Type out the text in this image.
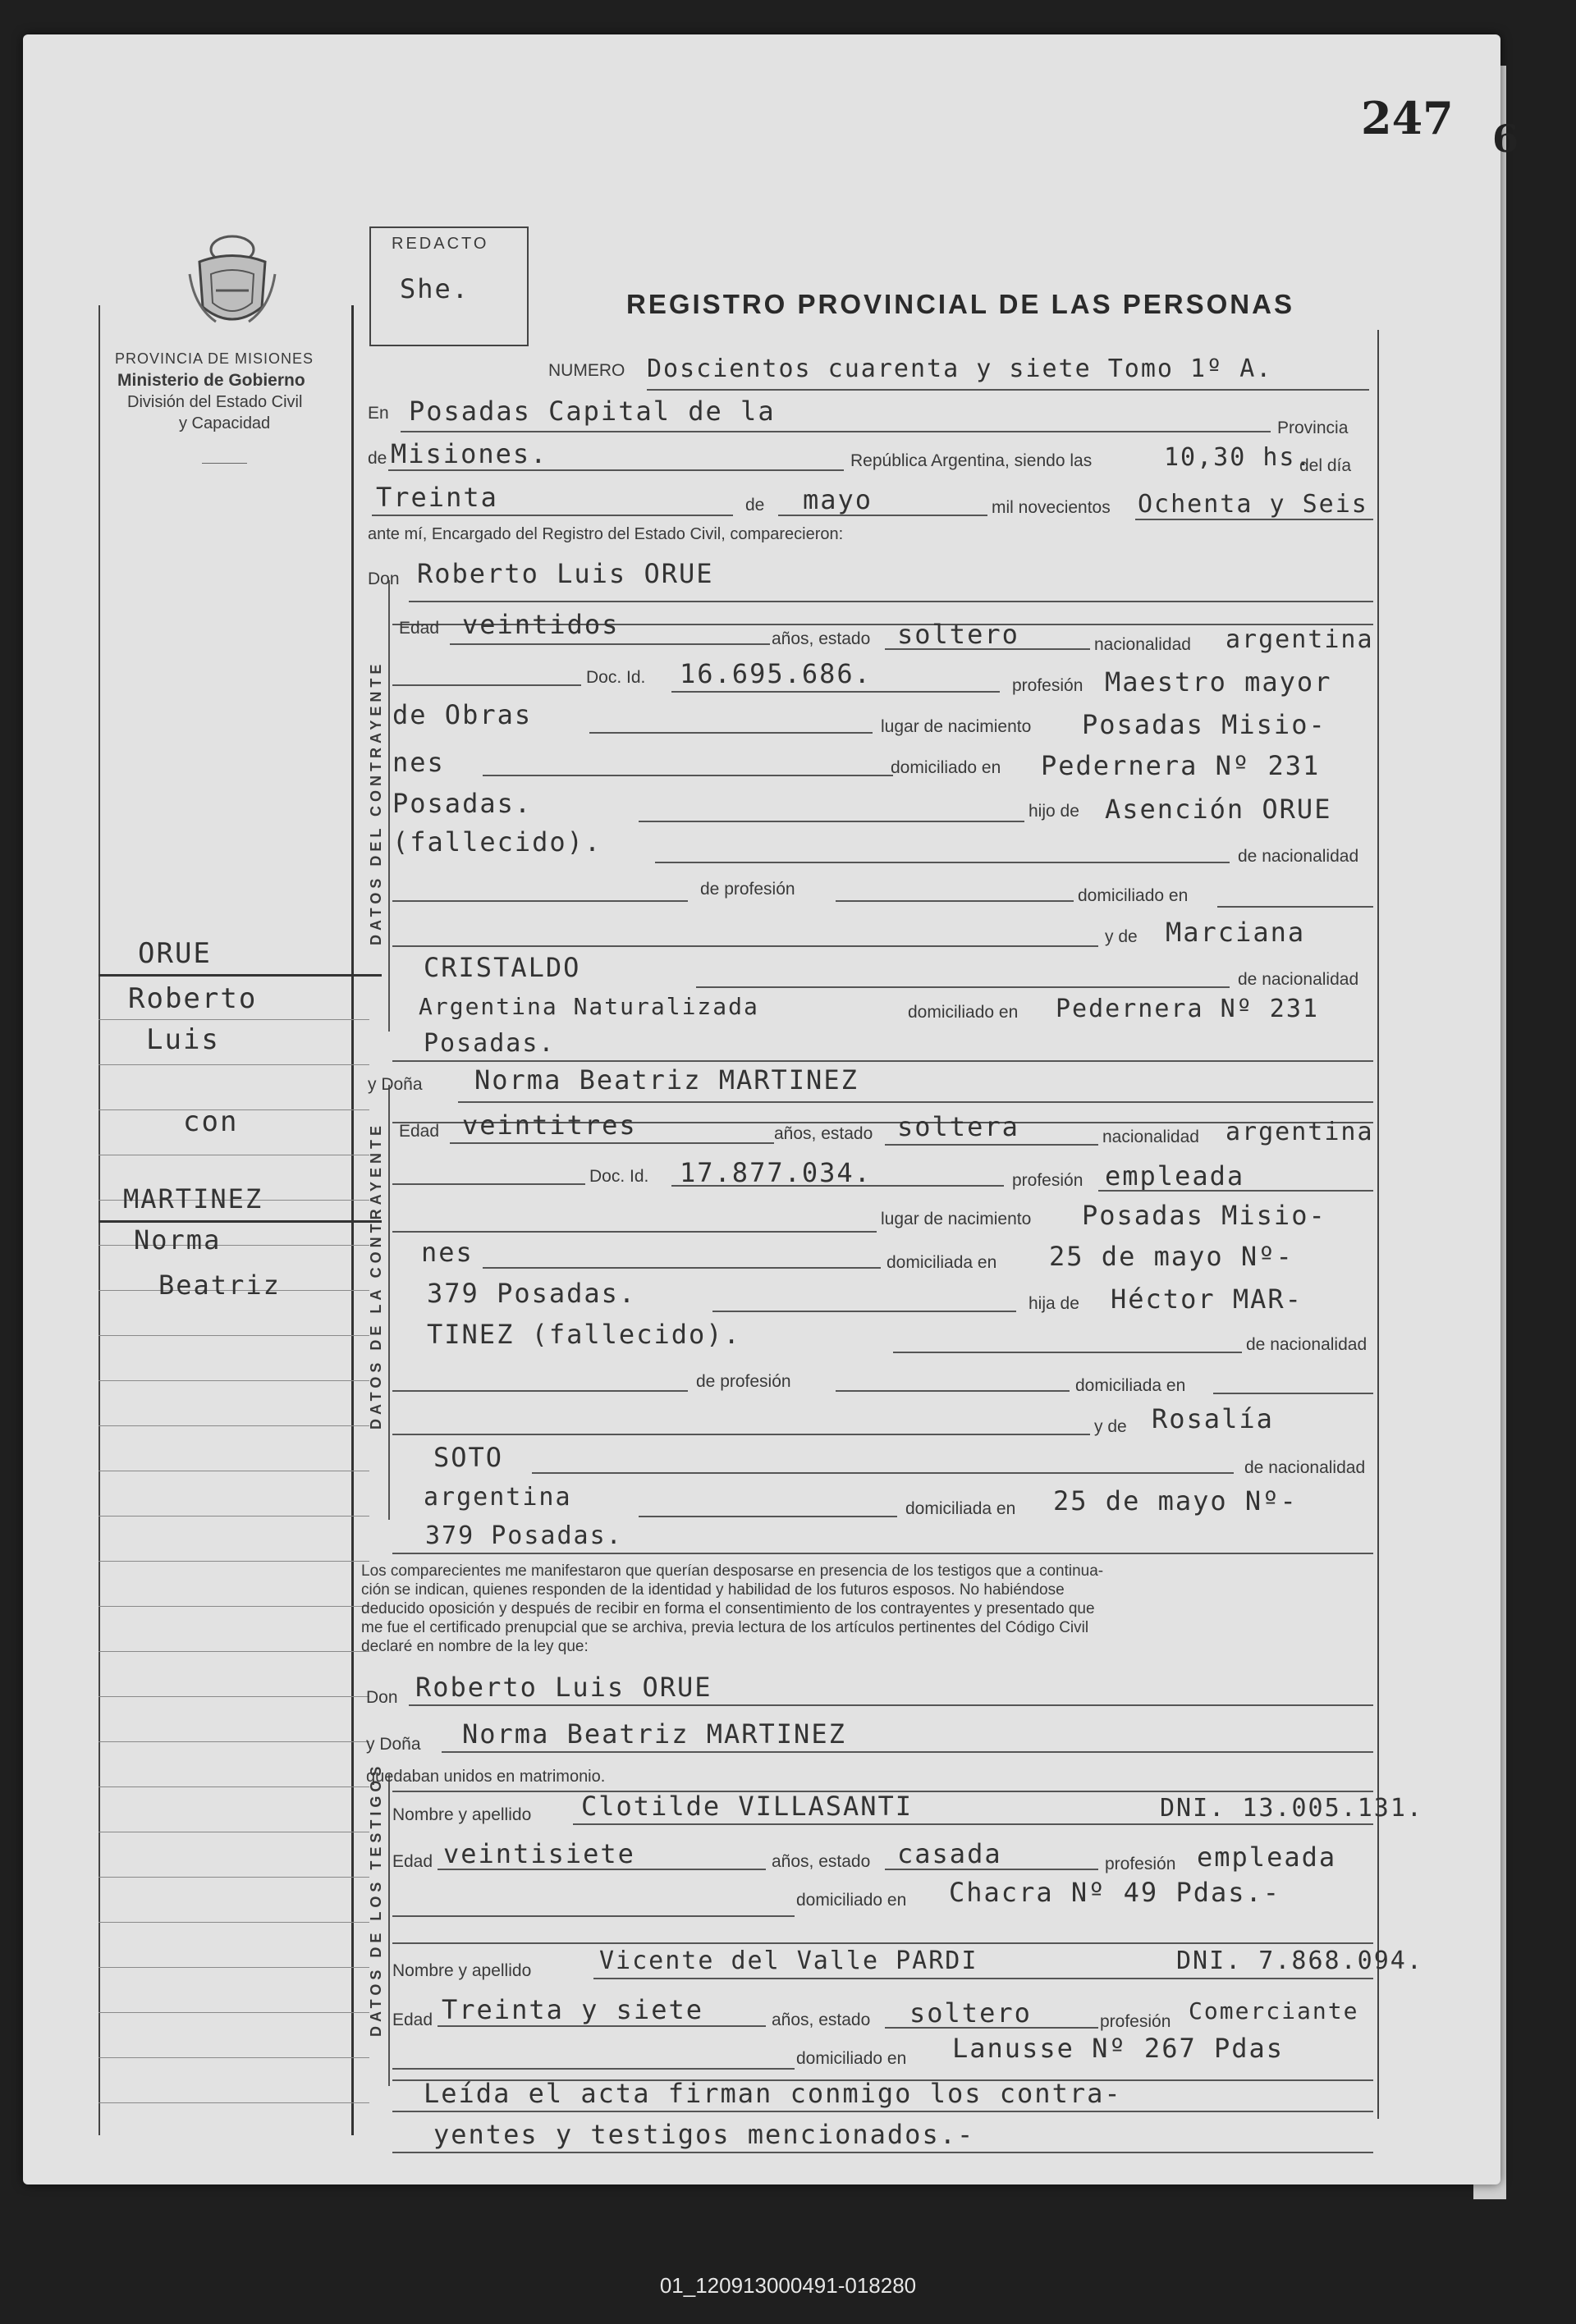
247 6
PROVINCIA DE MISIONES
Ministerio de Gobierno
División del Estado Civil
y Capacidad
REDACTO
She.	REGISTRO PROVINCIAL DE LAS PERSONAS
DATOS DEL CONTRAYENTE
DATOS DE LA CONTRAYENTE
DATOS DE LOS TESTIGOS
ORUE
Roberto
Luis
con
MARTINEZ
Norma
Beatriz
NUMERO Doscientos cuarenta y siete Tomo 1º A.
En Posadas Capital de la
Provincia
de Misiones.	República Argentina, siendo las	10,30 hs.
del día
Treinta	de mayo	mil novecientos Ochenta y Seis
ante mí, Encargado del Registro del Estado Civil, comparecieron:
Don Roberto Luis ORUE
Edad veintidos	años, estado soltero	nacionalidad argentina
Doc. Id. 16.695.686.	profesión Maestro mayor
de Obras	lugar de nacimiento Posadas Misio-
nes	domiciliado en Pedernera Nº 231
Posadas.	hijo de Asención ORUE
(fallecido).	de nacionalidad
de profesión	domiciliado en
y de Marciana
CRISTALDO	de nacionalidad
Argentina Naturalizada	domiciliado en Pedernera Nº 231
Posadas.
y Doña Norma Beatriz MARTINEZ
Edad veintitres	años, estado soltera	nacionalidad argentina
Doc. Id. 17.877.034.	profesión empleada
lugar de nacimiento Posadas Misio-
nes	domiciliada en 25 de mayo Nº-
379 Posadas.	hija de Héctor MAR-
TINEZ (fallecido).	de nacionalidad
de profesión	domiciliada en
y de Rosalía
SOTO	de nacionalidad
argentina	domiciliada en 25 de mayo Nº-
379 Posadas.
Los comparecientes me manifestaron que querían desposarse en presencia de los testigos que a continua-
ción se indican, quienes responden de la identidad y habilidad de los futuros esposos. No habiéndose
deducido oposición y después de recibir en forma el consentimiento de los contrayentes y presentado que
me fue el certificado prenupcial que se archiva, previa lectura de los artículos pertinentes del Código Civil
declaré en nombre de la ley que:
Don Roberto Luis ORUE
y Doña Norma Beatriz MARTINEZ
quedaban unidos en matrimonio.
Nombre y apellido Clotilde VILLASANTI	DNI. 13.005.131.
Edad veintisiete	años, estado casada	profesión empleada
domiciliado en Chacra Nº 49 Pdas.-
Nombre y apellido	Vicente del Valle PARDI	DNI. 7.868.094.
Edad Treinta y siete	años, estado soltero	profesión Comerciante
domiciliado en Lanusse Nº 267 Pdas
Leída el acta firman conmigo los contra-
yentes y testigos mencionados.-
01_120913000491-018280
